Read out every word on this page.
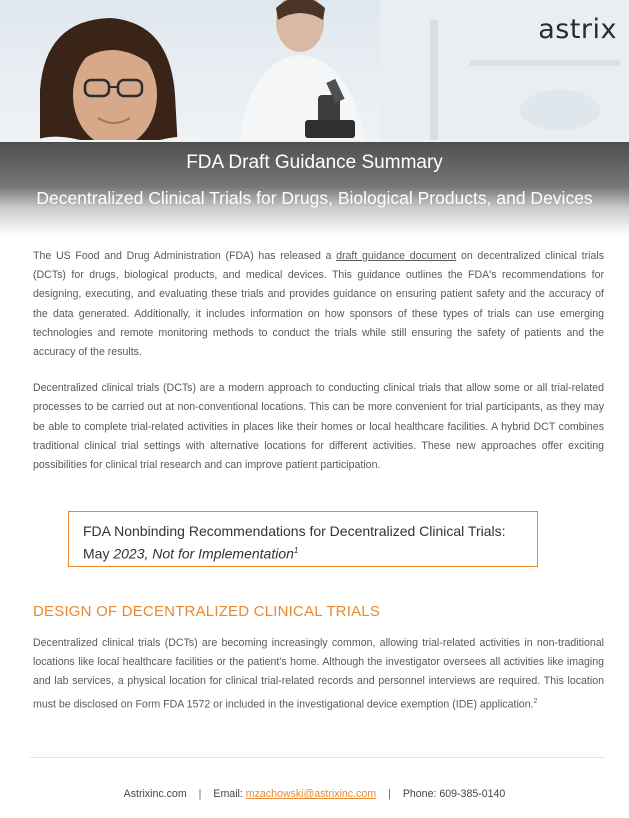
astrix
FDA Draft Guidance Summary
Decentralized Clinical Trials for Drugs, Biological Products, and Devices

The US Food and Drug Administration (FDA) has released a draft guidance document on decentralized clinical trials (DCTs) for drugs, biological products, and medical devices. This guidance outlines the FDA's recommendations for designing, executing, and evaluating these trials and provides guidance on ensuring patient safety and the accuracy of the data generated. Additionally, it includes information on how sponsors of these types of trials can use emerging technologies and remote monitoring methods to conduct the trials while still ensuring the safety of patients and the accuracy of the results.

Decentralized clinical trials (DCTs) are a modern approach to conducting clinical trials that allow some or all trial-related processes to be carried out at non-conventional locations. This can be more convenient for trial participants, as they may be able to complete trial-related activities in places like their homes or local healthcare facilities. A hybrid DCT combines traditional clinical trial settings with alternative locations for different activities. These new approaches offer exciting possibilities for clinical trial research and can improve patient participation.

FDA Nonbinding Recommendations for Decentralized Clinical Trials:
May 2023, Not for Implementation$^1$
DESIGN OF DECENTRALIZED CLINICAL TRIALS

Decentralized clinical trials (DCTs) are becoming increasingly common, allowing trial-related activities in non-traditional locations like local healthcare facilities or the patient's home. Although the investigator oversees all activities like imaging and lab services, a physical location for clinical trial-related records and personnel interviews are required. This location must be disclosed on Form FDA 1572 or included in the investigational device exemption (IDE) application.$^2$

Astrixinc.com | Email: mzachowski@astrixinc.com | Phone: 609-385-0140
